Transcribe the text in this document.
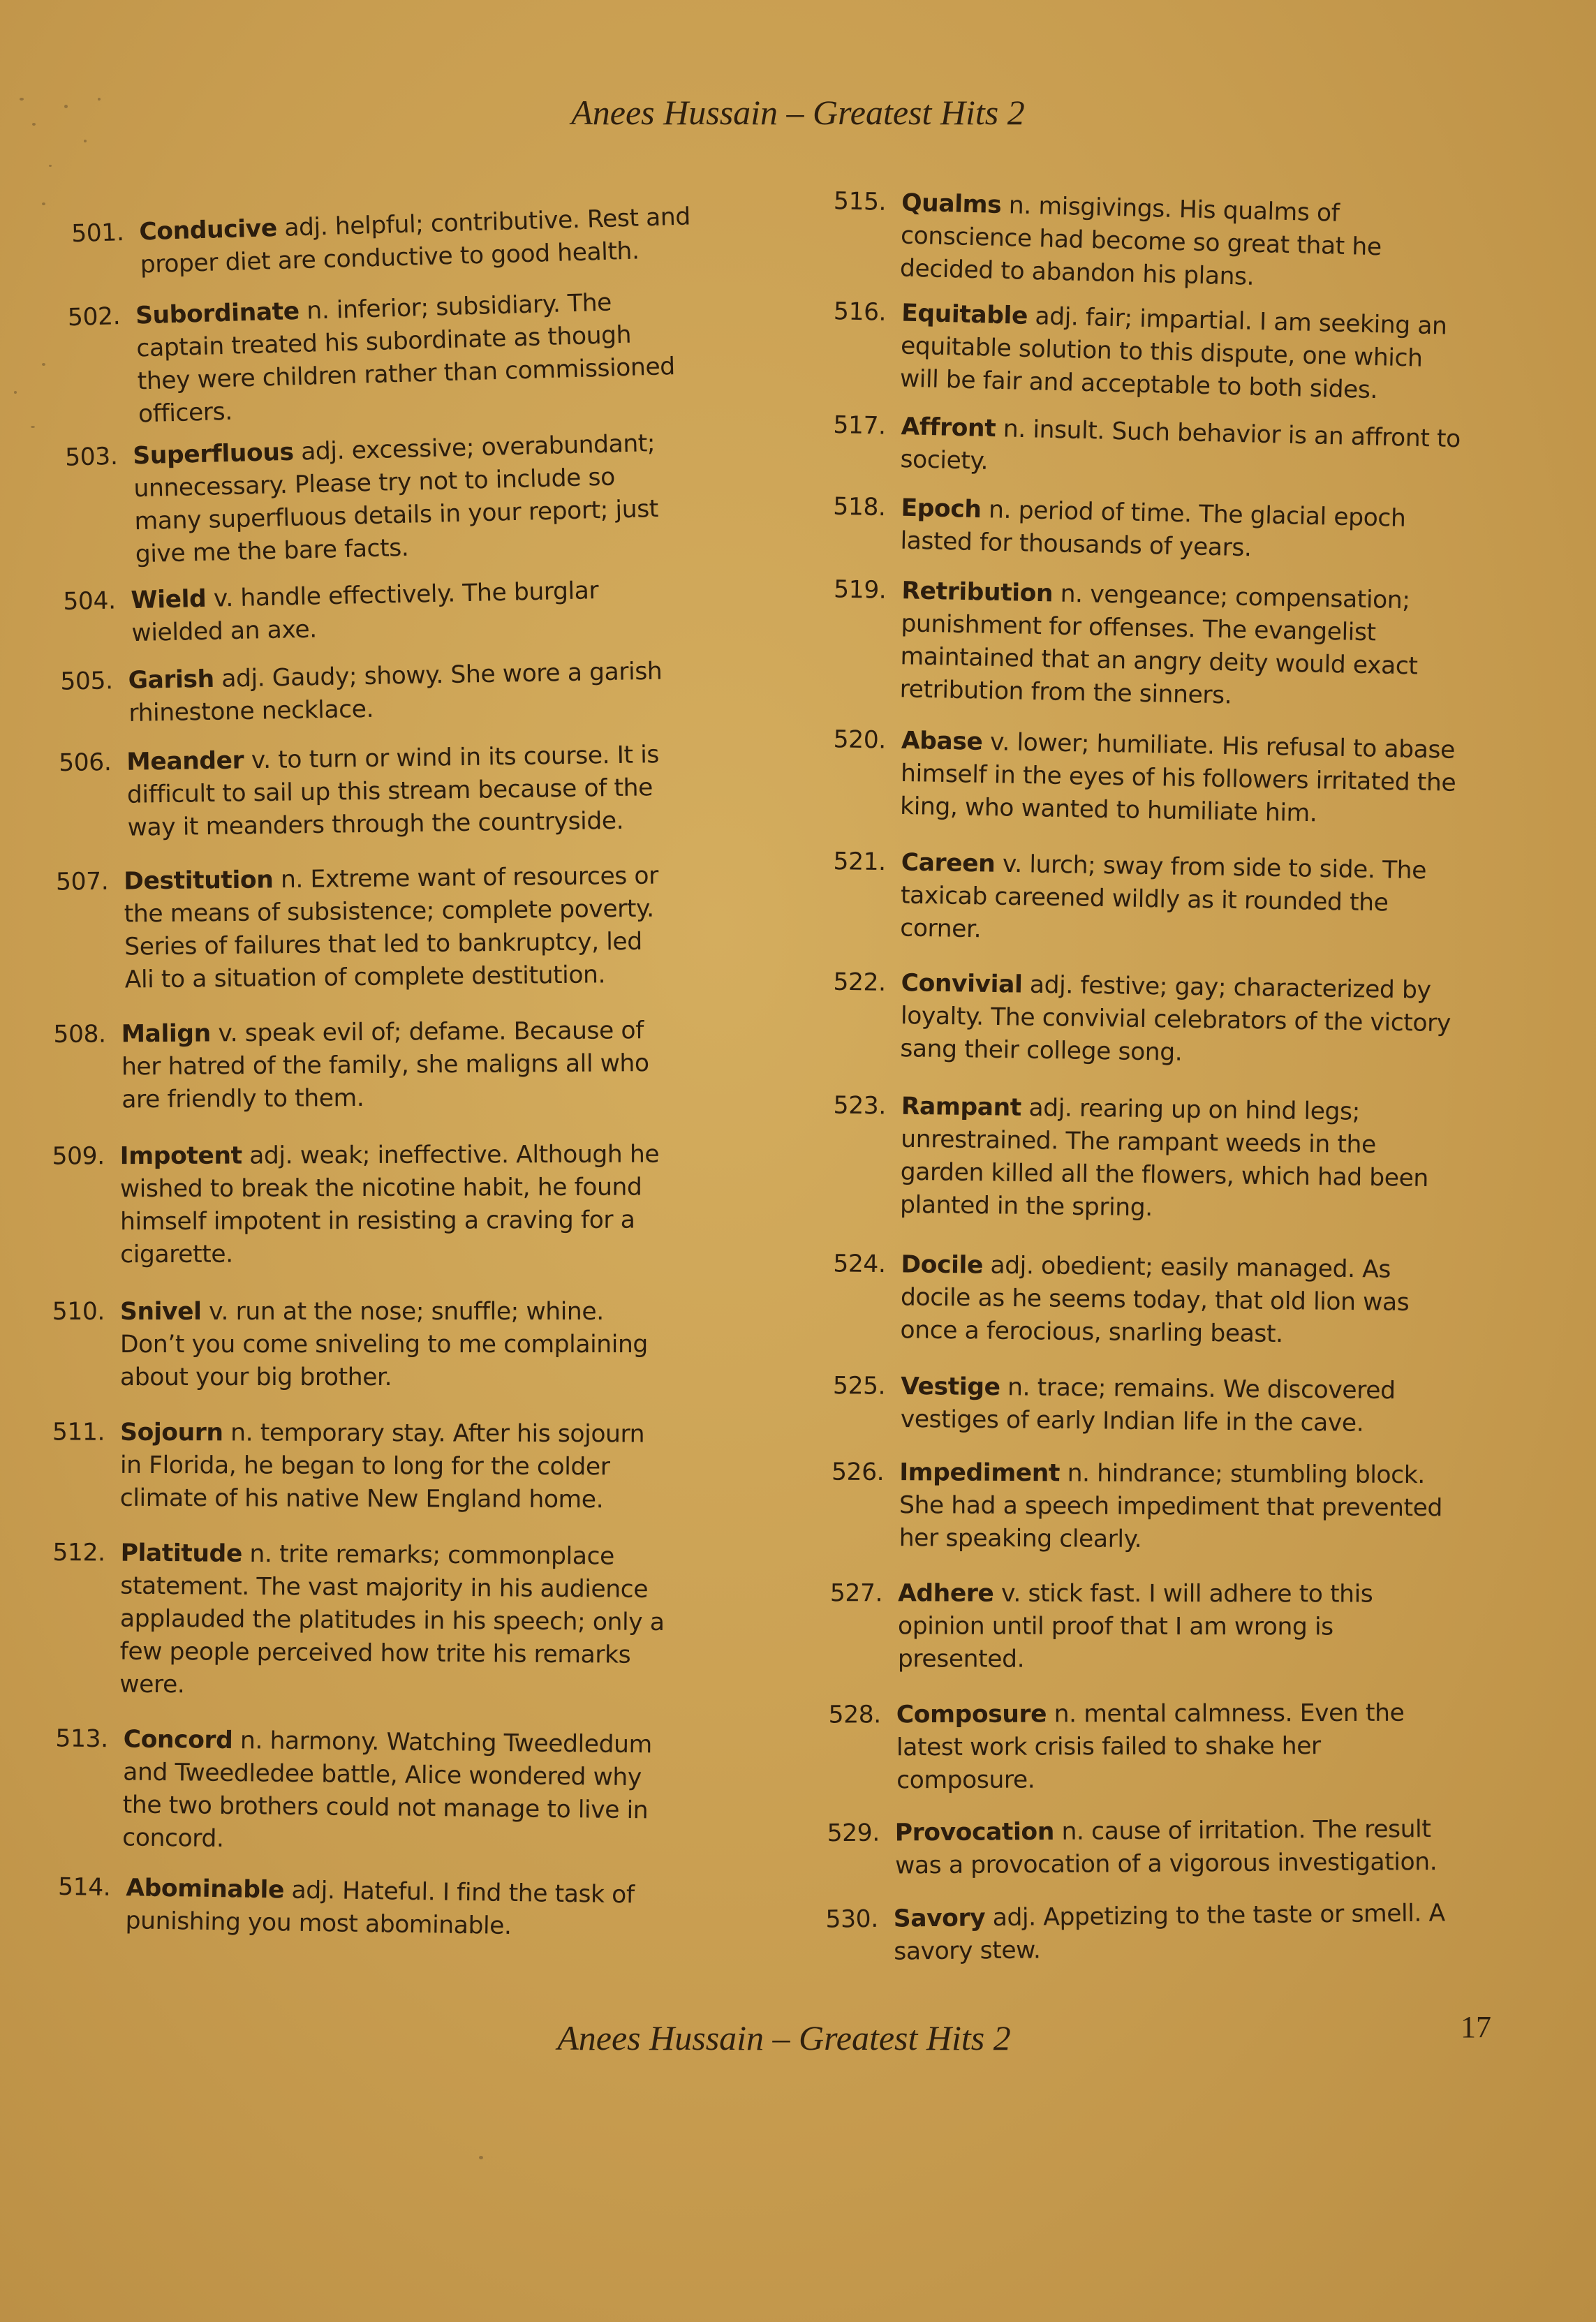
Anees Hussain – Greatest Hits 2
501. Conducive adj. helpful; contributive. Rest and proper diet are conductive to good health.
502. Subordinate n. inferior; subsidiary. The captain treated his subordinate as though they were children rather than commissioned officers.
503. Superfluous adj. excessive; overabundant; unnecessary. Please try not to include so many superfluous details in your report; just give me the bare facts.
504. Wield v. handle effectively. The burglar wielded an axe.
505. Garish adj. Gaudy; showy. She wore a garish rhinestone necklace.
506. Meander v. to turn or wind in its course. It is difficult to sail up this stream because of the way it meanders through the countryside.
507. Destitution n. Extreme want of resources or the means of subsistence; complete poverty. Series of failures that led to bankruptcy, led Ali to a situation of complete destitution.
508. Malign v. speak evil of; defame. Because of her hatred of the family, she maligns all who are friendly to them.
509. Impotent adj. weak; ineffective. Although he wished to break the nicotine habit, he found himself impotent in resisting a craving for a cigarette.
510. Snivel v. run at the nose; snuffle; whine. Don’t you come sniveling to me complaining about your big brother.
511. Sojourn n. temporary stay. After his sojourn in Florida, he began to long for the colder climate of his native New England home.
512. Platitude n. trite remarks; commonplace statement. The vast majority in his audience applauded the platitudes in his speech; only a few people perceived how trite his remarks were.
513. Concord n. harmony. Watching Tweedledum and Tweedledee battle, Alice wondered why the two brothers could not manage to live in concord.
514. Abominable adj. Hateful. I find the task of punishing you most abominable.
515. Qualms n. misgivings. His qualms of conscience had become so great that he decided to abandon his plans.
516. Equitable adj. fair; impartial. I am seeking an equitable solution to this dispute, one which will be fair and acceptable to both sides.
517. Affront n. insult. Such behavior is an affront to society.
518. Epoch n. period of time. The glacial epoch lasted for thousands of years.
519. Retribution n. vengeance; compensation; punishment for offenses. The evangelist maintained that an angry deity would exact retribution from the sinners.
520. Abase v. lower; humiliate. His refusal to abase himself in the eyes of his followers irritated the king, who wanted to humiliate him.
521. Careen v. lurch; sway from side to side. The taxicab careened wildly as it rounded the corner.
522. Convivial adj. festive; gay; characterized by loyalty. The convivial celebrators of the victory sang their college song.
523. Rampant adj. rearing up on hind legs; unrestrained. The rampant weeds in the garden killed all the flowers, which had been planted in the spring.
524. Docile adj. obedient; easily managed. As docile as he seems today, that old lion was once a ferocious, snarling beast.
525. Vestige n. trace; remains. We discovered vestiges of early Indian life in the cave.
526. Impediment n. hindrance; stumbling block. She had a speech impediment that prevented her speaking clearly.
527. Adhere v. stick fast. I will adhere to this opinion until proof that I am wrong is presented.
528. Composure n. mental calmness. Even the latest work crisis failed to shake her composure.
529. Provocation n. cause of irritation. The result was a provocation of a vigorous investigation.
530. Savory adj. Appetizing to the taste or smell. A savory stew.
Anees Hussain – Greatest Hits 2	17
